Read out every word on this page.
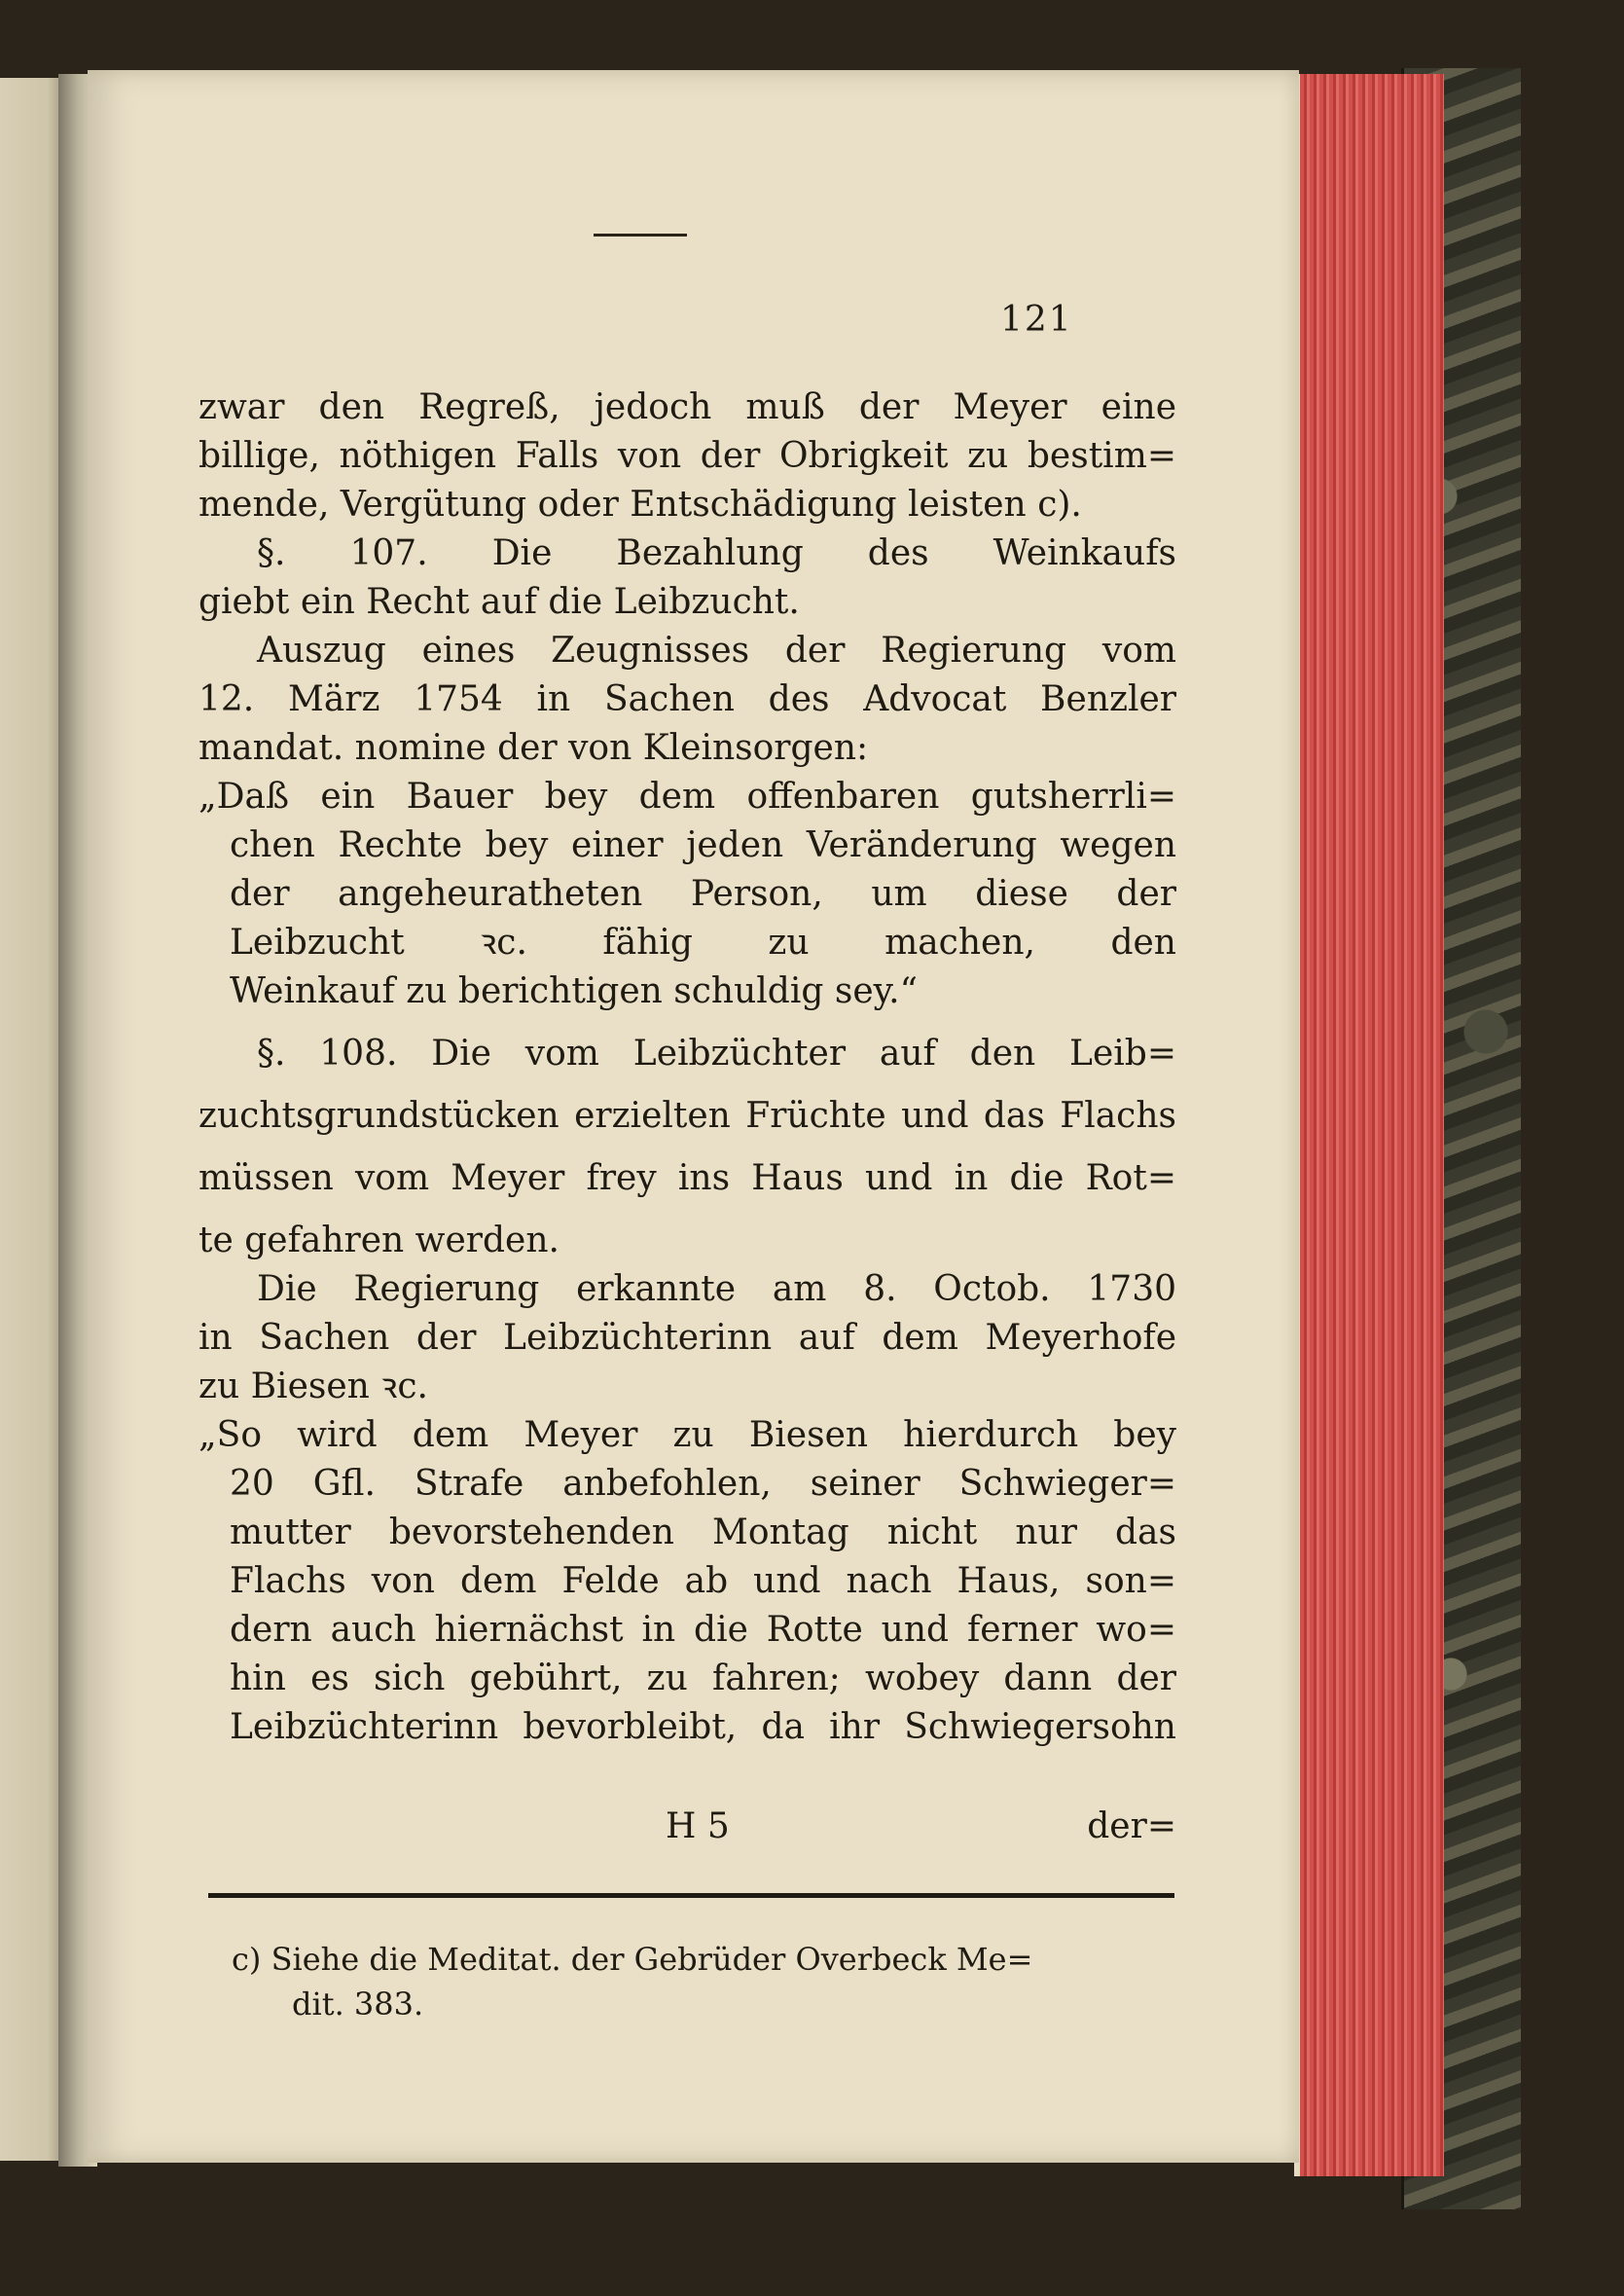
121
zwar den Regreß, jedoch muß der Meyer eine
billige, nöthigen Falls von der Obrigkeit zu bestim=
mende, Vergütung oder Entschädigung leisten c).
§. 107. Die Bezahlung des Weinkaufs
giebt ein Recht auf die Leibzucht.
Auszug eines Zeugnisses der Regierung vom
12. März 1754 in Sachen des Advocat Benzler
mandat. nomine der von Kleinsorgen:
„Daß ein Bauer bey dem offenbaren gutsherrli=
chen Rechte bey einer jeden Veränderung wegen
der angeheuratheten Person, um diese der
Leibzucht ꝛc. fähig zu machen, den
Weinkauf zu berichtigen schuldig sey.“
§. 108. Die vom Leibzüchter auf den Leib=
zuchtsgrundstücken erzielten Früchte und das Flachs
müssen vom Meyer frey ins Haus und in die Rot=
te gefahren werden.
Die Regierung erkannte am 8. Octob. 1730
in Sachen der Leibzüchterinn auf dem Meyerhofe
zu Biesen ꝛc.
„So wird dem Meyer zu Biesen hierdurch bey
20 Gfl. Strafe anbefohlen, seiner Schwieger=
mutter bevorstehenden Montag nicht nur das
Flachs von dem Felde ab und nach Haus, son=
dern auch hiernächst in die Rotte und ferner wo=
hin es sich gebührt, zu fahren; wobey dann der
Leibzüchterinn bevorbleibt, da ihr Schwiegersohn
H 5	der=
c) Siehe die Meditat. der Gebrüder Overbeck Me=
dit. 383.
